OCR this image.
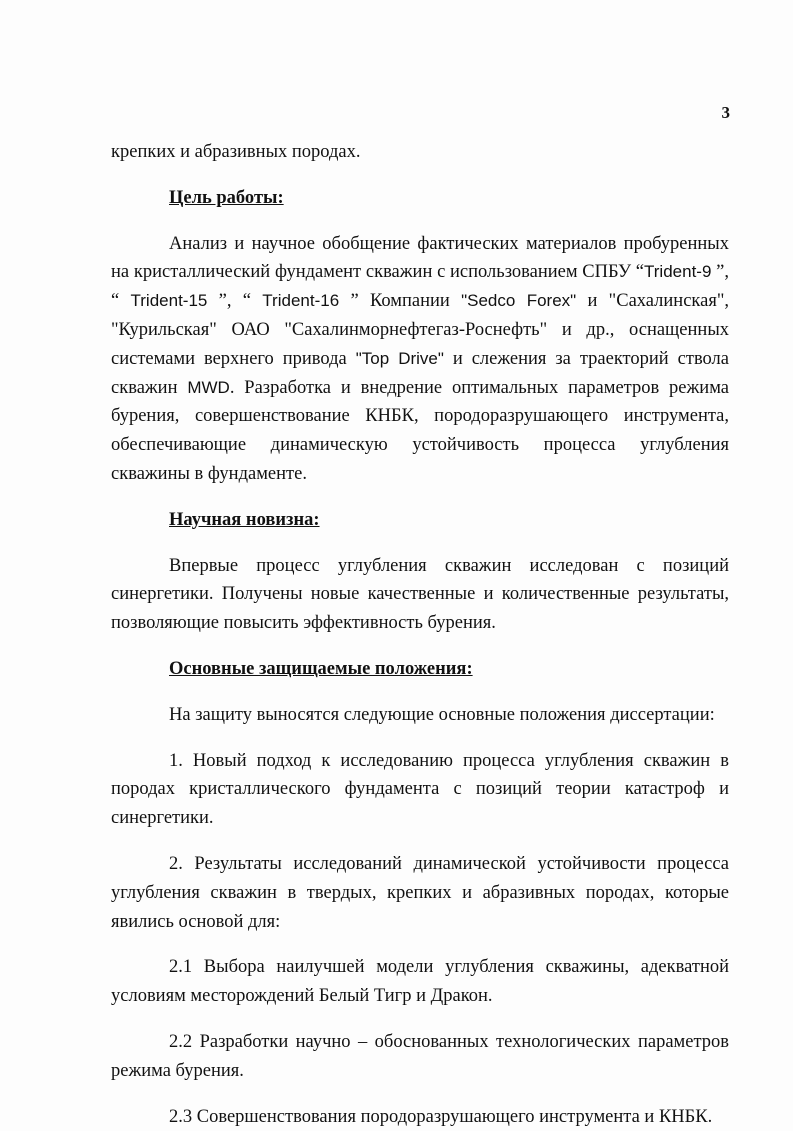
3

крепких и абразивных породах.

Цель работы:

Анализ и научное обобщение фактических материалов пробуренных на кристаллический фундамент скважин с использованием СПБУ “Trident-9 ”, “ Trident-15 ”, “ Trident-16 ” Компании "Sedco Forex" и "Сахалинская", "Курильская" ОАО "Сахалинморнефтегаз-Роснефть" и др., оснащенных системами верхнего привода "Top Drive" и слежения за траекторий ствола скважин MWD. Разработка и внедрение оптимальных параметров режима бурения, совершенствование КНБК, породоразрушающего инструмента, обеспечивающие динамическую устойчивость процесса углубления скважины в фундаменте.

Научная новизна:

Впервые процесс углубления скважин исследован с позиций синергетики. Получены новые качественные и количественные результаты, позволяющие повысить эффективность бурения.

Основные защищаемые положения:

На защиту выносятся следующие основные положения диссертации:

1. Новый подход к исследованию процесса углубления скважин в породах кристаллического фундамента с позиций теории катастроф и синергетики.

2. Результаты исследований динамической устойчивости процесса углубления скважин в твердых, крепких и абразивных породах, которые явились основой для:

2.1 Выбора наилучшей модели углубления скважины, адекватной условиям месторождений Белый Тигр и Дракон.

2.2 Разработки научно – обоснованных технологических параметров режима бурения.

2.3 Совершенствования породоразрушающего инструмента и КНБК.
